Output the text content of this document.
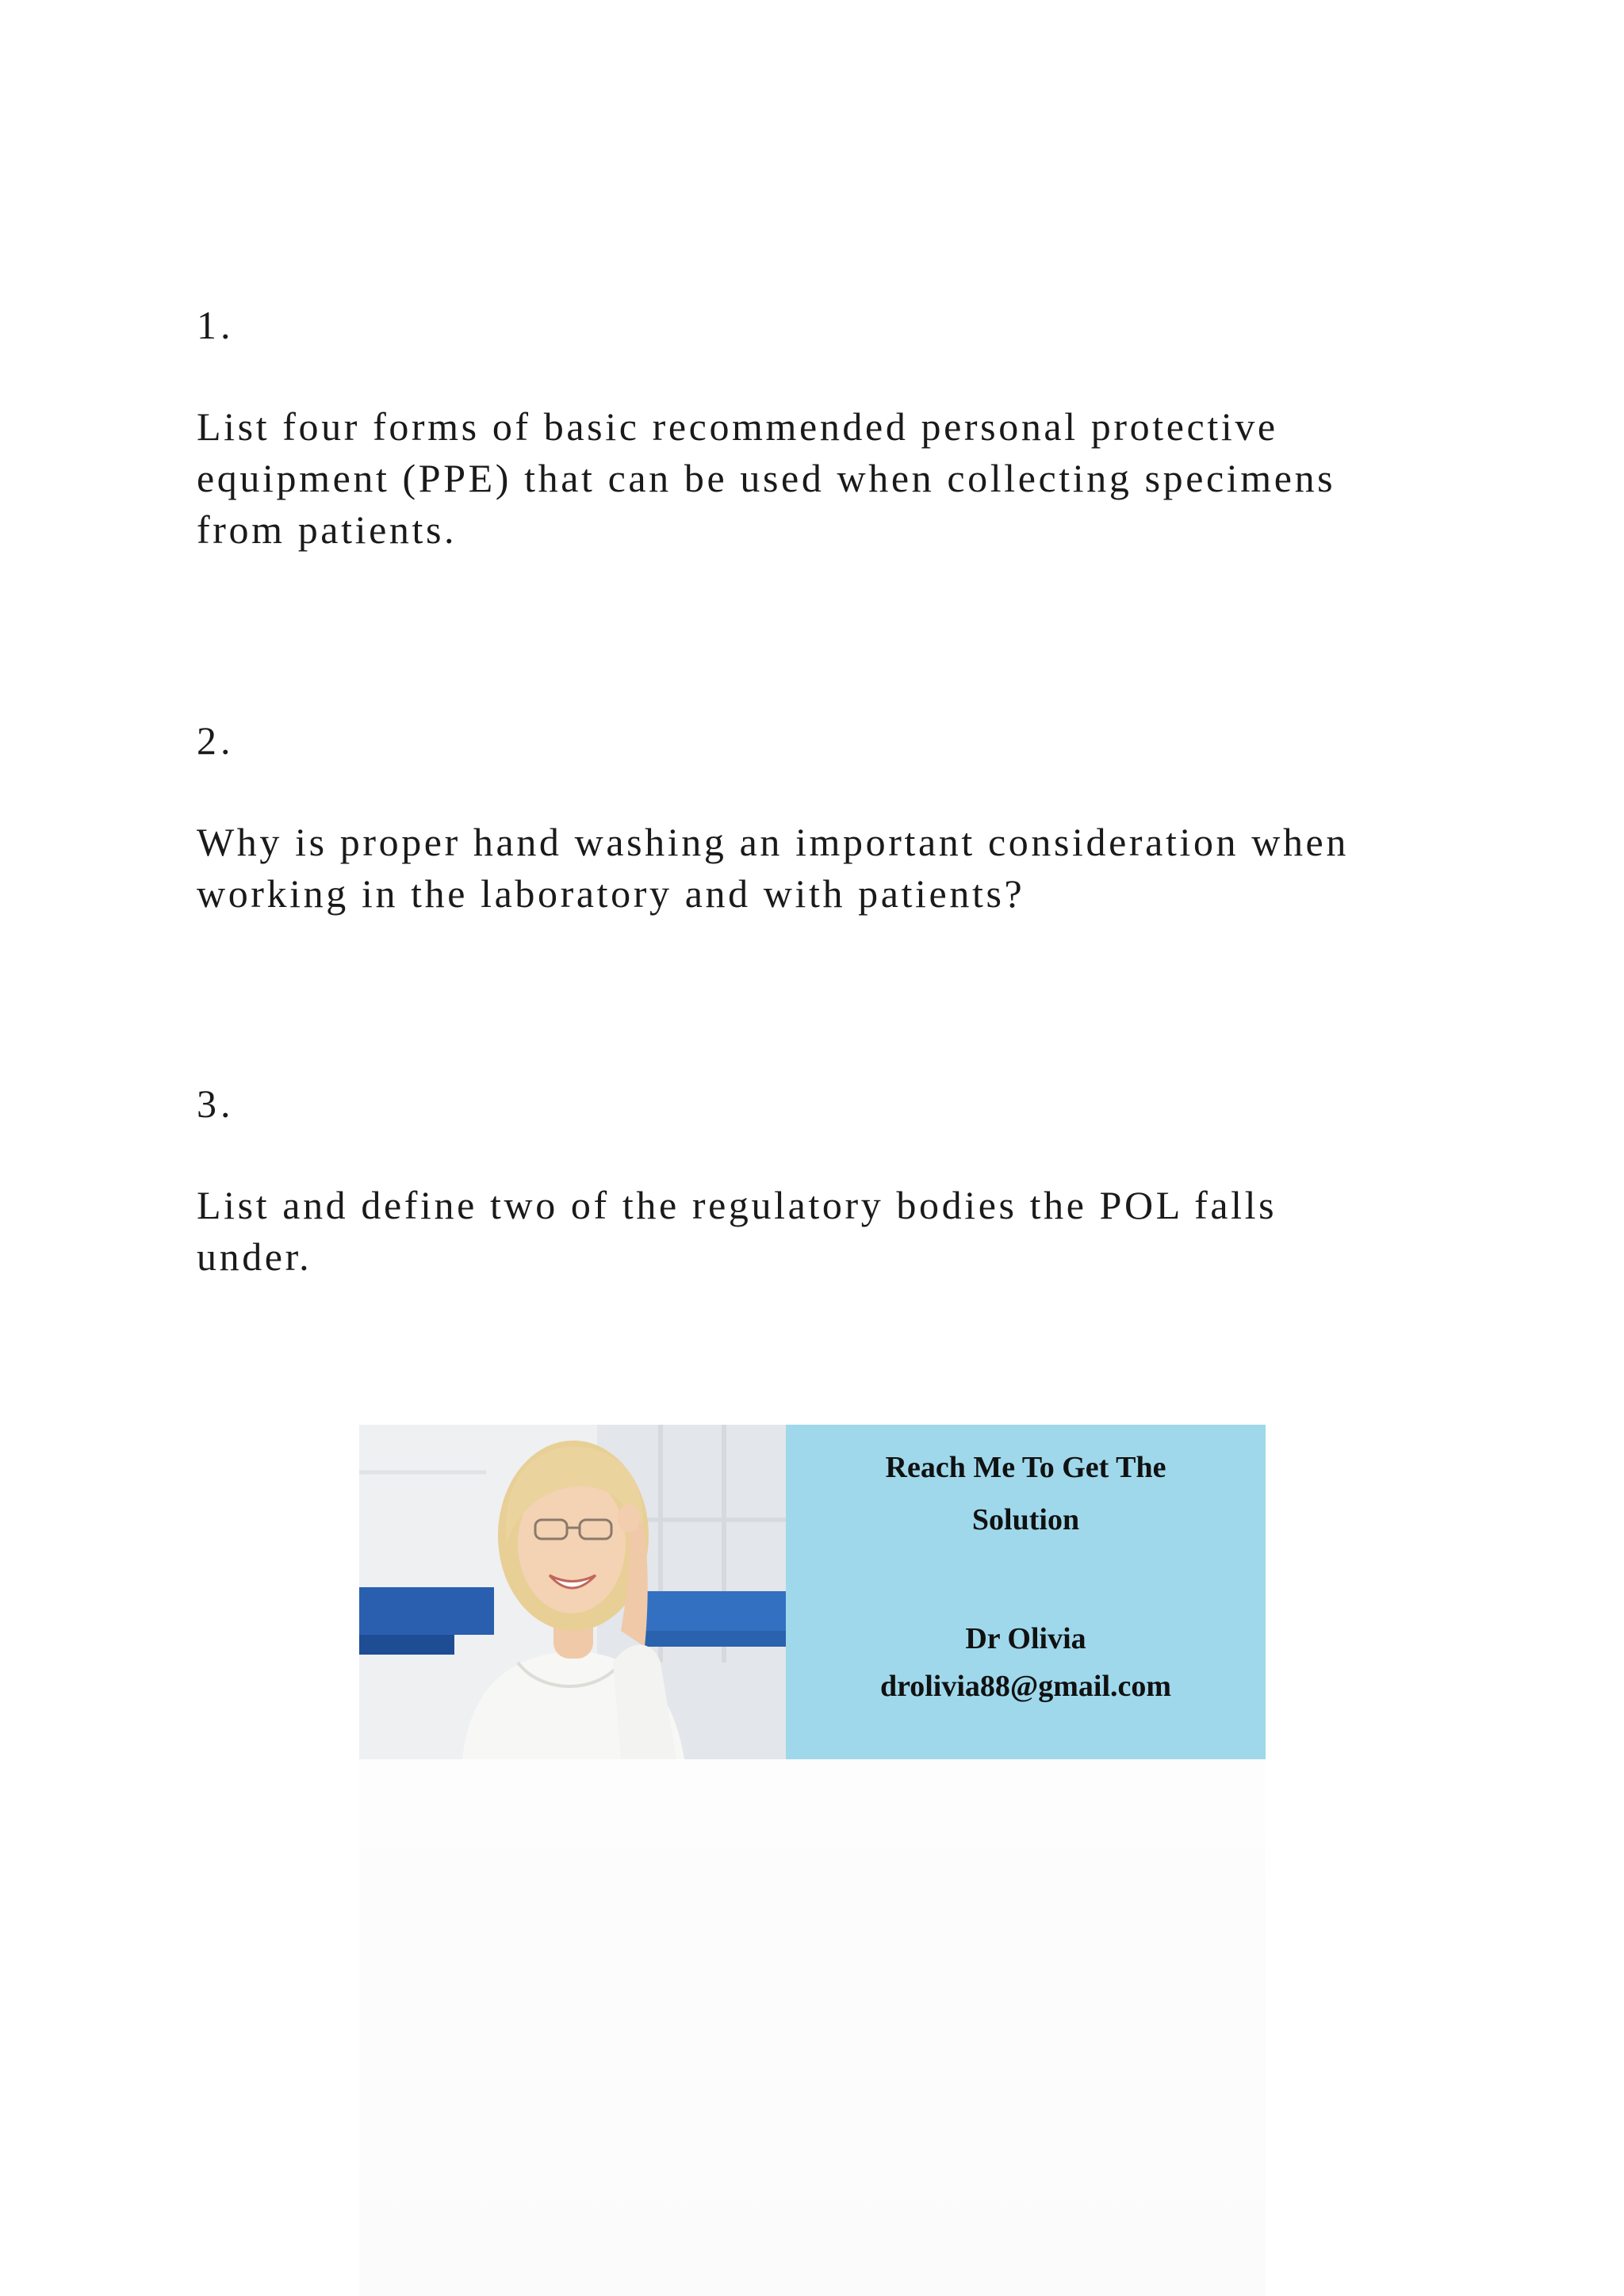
1.

List four forms of basic recommended personal protective
equipment (PPE) that can be used when collecting specimens
from patients.

2.

Why is proper hand washing an important consideration when
working in the laboratory and with patients?

3.

List and define two of the regulatory bodies the POL falls
under.

Reach Me To Get The

Solution

Dr Olivia

drolivia88@gmail.com
